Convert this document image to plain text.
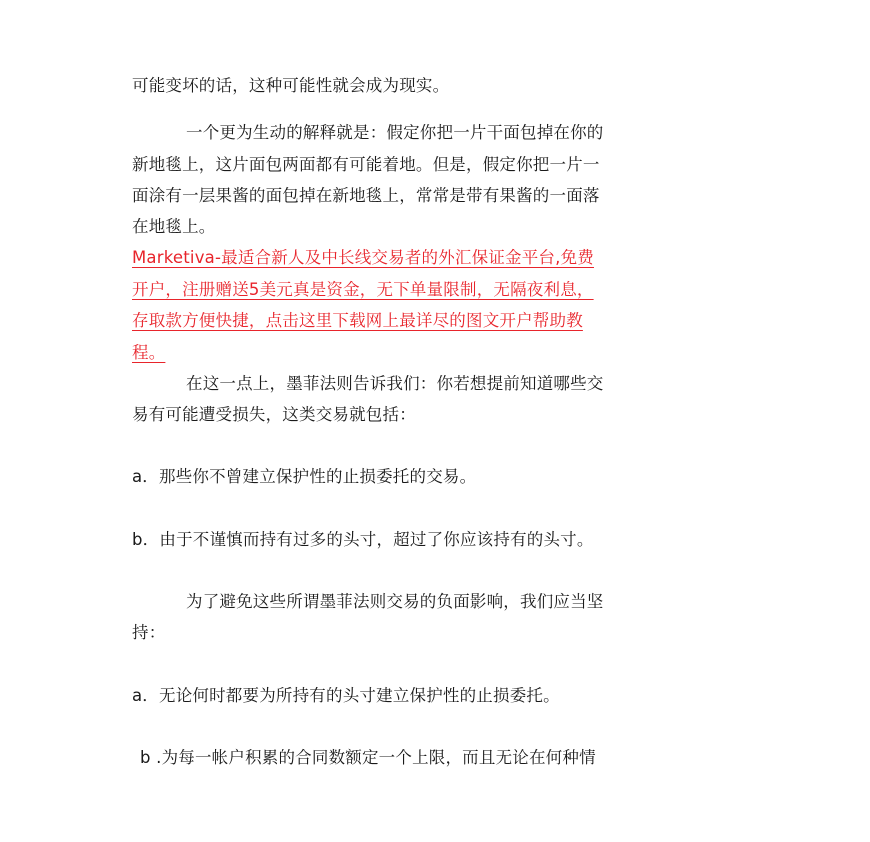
可能变坏的话，这种可能性就会成为现实。
一个更为生动的解释就是：假定你把一片干面包掉在你的
新地毯上，这片面包两面都有可能着地。但是，假定你把一片一
面涂有一层果酱的面包掉在新地毯上，常常是带有果酱的一面落
在地毯上。
Marketiva-最适合新人及中长线交易者的外汇保证金平台,免费
开户，注册赠送5美元真是资金，无下单量限制，无隔夜利息，
存取款方便快捷，点击这里下载网上最详尽的图文开户帮助教
程。
在这一点上，墨菲法则告诉我们：你若想提前知道哪些交
易有可能遭受损失，这类交易就包括：
a．那些你不曾建立保护性的止损委托的交易。
b．由于不谨慎而持有过多的头寸，超过了你应该持有的头寸。
为了避免这些所谓墨菲法则交易的负面影响，我们应当坚
持：
a．无论何时都要为所持有的头寸建立保护性的止损委托。
b .为每一帐户积累的合同数额定一个上限，而且无论在何种情
